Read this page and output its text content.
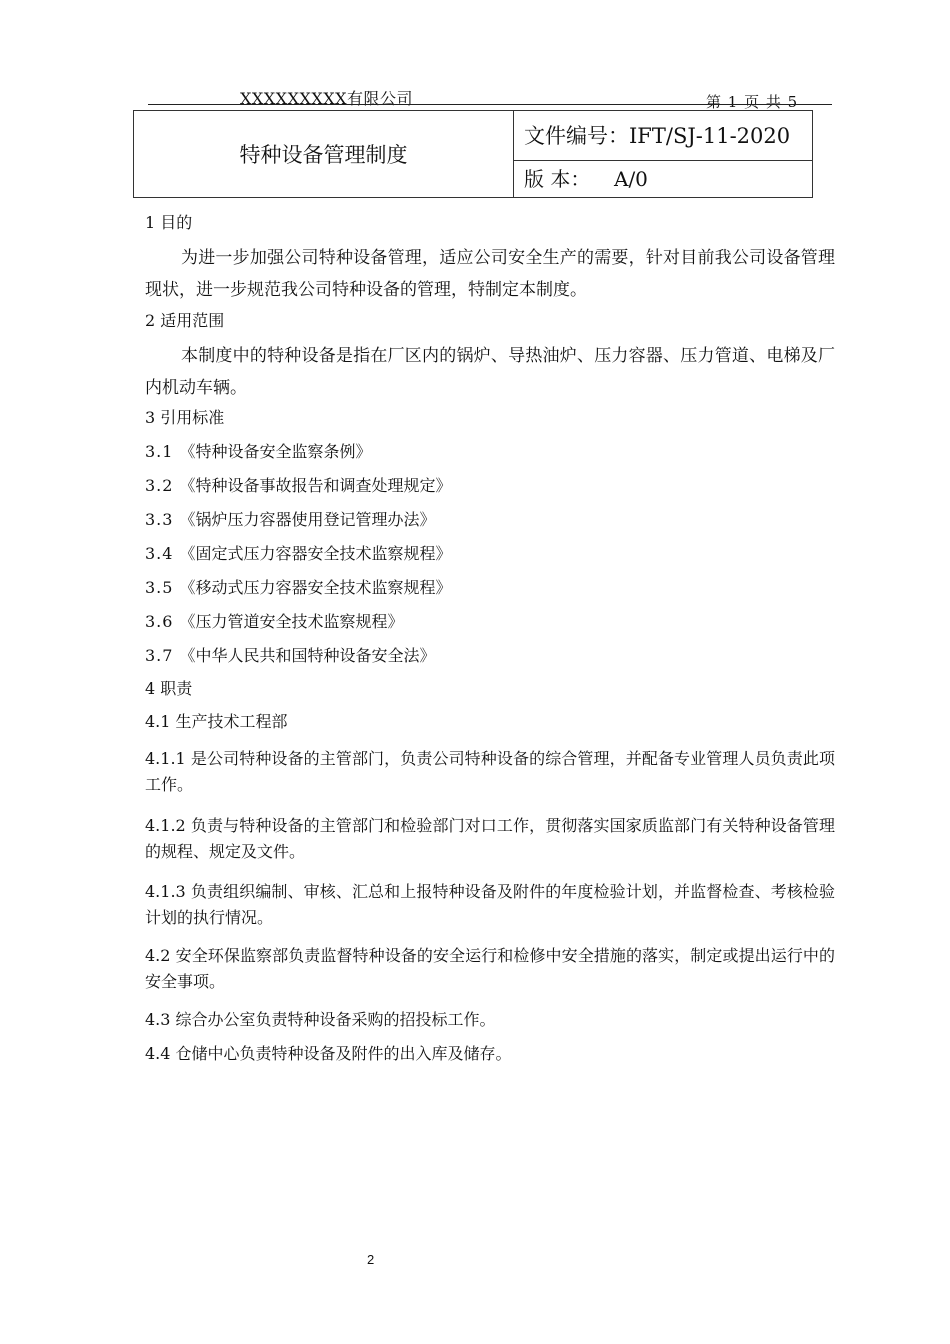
XXXXXXXXX有限公司	第 1 页 共 5
特种设备管理制度
文件编号：IFT/SJ-11-2020
版 本： A/0
1 目的
为进一步加强公司特种设备管理，适应公司安全生产的需要，针对目前我公司设备管理现状，进一步规范我公司特种设备的管理，特制定本制度。
2 适用范围
本制度中的特种设备是指在厂区内的锅炉、导热油炉、压力容器、压力管道、电梯及厂内机动车辆。
3 引用标准
3.1 《特种设备安全监察条例》
3.2 《特种设备事故报告和调查处理规定》
3.3 《锅炉压力容器使用登记管理办法》
3.4 《固定式压力容器安全技术监察规程》
3.5 《移动式压力容器安全技术监察规程》
3.6 《压力管道安全技术监察规程》
3.7 《中华人民共和国特种设备安全法》
4 职责
4.1 生产技术工程部
4.1.1 是公司特种设备的主管部门，负责公司特种设备的综合管理，并配备专业管理人员负责此项工作。
4.1.2 负责与特种设备的主管部门和检验部门对口工作，贯彻落实国家质监部门有关特种设备管理的规程、规定及文件。
4.1.3 负责组织编制、审核、汇总和上报特种设备及附件的年度检验计划，并监督检查、考核检验计划的执行情况。
4.2 安全环保监察部负责监督特种设备的安全运行和检修中安全措施的落实，制定或提出运行中的安全事项。
4.3 综合办公室负责特种设备采购的招投标工作。
4.4 仓储中心负责特种设备及附件的出入库及储存。
2
